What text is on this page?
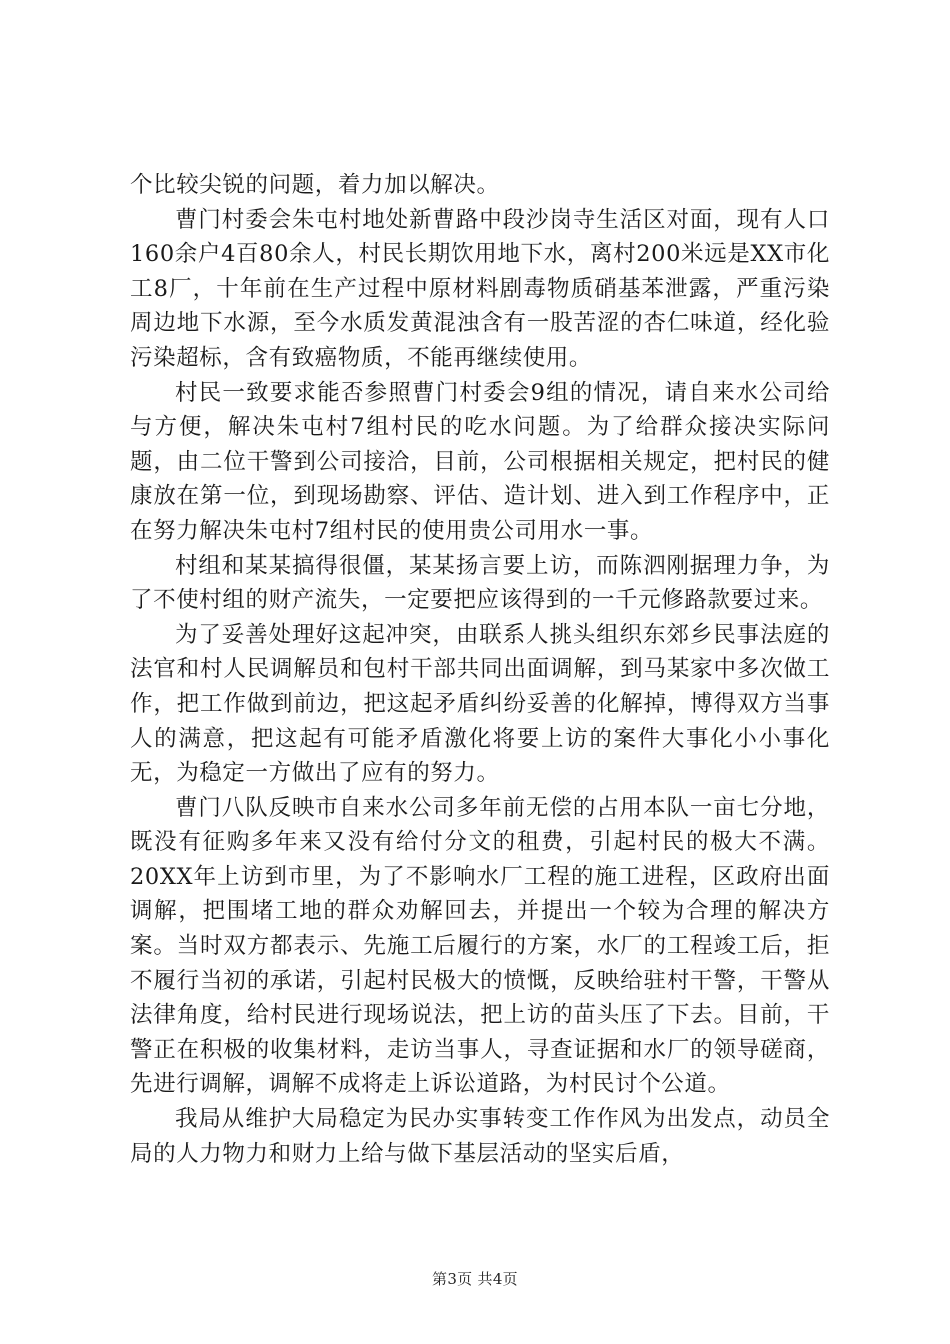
个比较尖锐的问题，着力加以解决。

曹门村委会朱屯村地处新曹路中段沙岗寺生活区对面，现有人口160余户4百80余人，村民长期饮用地下水，离村200米远是XX市化工8厂，十年前在生产过程中原材料剧毒物质硝基苯泄露，严重污染周边地下水源，至今水质发黄混浊含有一股苦涩的杏仁味道，经化验污染超标，含有致癌物质，不能再继续使用。

村民一致要求能否参照曹门村委会9组的情况，请自来水公司给与方便，解决朱屯村7组村民的吃水问题。为了给群众接决实际问题，由二位干警到公司接洽，目前，公司根据相关规定，把村民的健康放在第一位，到现场勘察、评估、造计划、进入到工作程序中，正在努力解决朱屯村7组村民的使用贵公司用水一事。

村组和某某搞得很僵，某某扬言要上访，而陈泗刚据理力争，为了不使村组的财产流失，一定要把应该得到的一千元修路款要过来。

为了妥善处理好这起冲突，由联系人挑头组织东郊乡民事法庭的法官和村人民调解员和包村干部共同出面调解，到马某家中多次做工作，把工作做到前边，把这起矛盾纠纷妥善的化解掉，博得双方当事人的满意，把这起有可能矛盾激化将要上访的案件大事化小小事化无，为稳定一方做出了应有的努力。

曹门八队反映市自来水公司多年前无偿的占用本队一亩七分地，既没有征购多年来又没有给付分文的租费，引起村民的极大不满。20XX年上访到市里，为了不影响水厂工程的施工进程，区政府出面调解，把围堵工地的群众劝解回去，并提出一个较为合理的解决方案。当时双方都表示、先施工后履行的方案，水厂的工程竣工后，拒不履行当初的承诺，引起村民极大的愤慨，反映给驻村干警，干警从法律角度，给村民进行现场说法，把上访的苗头压了下去。目前，干警正在积极的收集材料，走访当事人，寻查证据和水厂的领导磋商，先进行调解，调解不成将走上诉讼道路，为村民讨个公道。

我局从维护大局稳定为民办实事转变工作作风为出发点，动员全局的人力物力和财力上给与做下基层活动的坚实后盾，

第3页 共4页
